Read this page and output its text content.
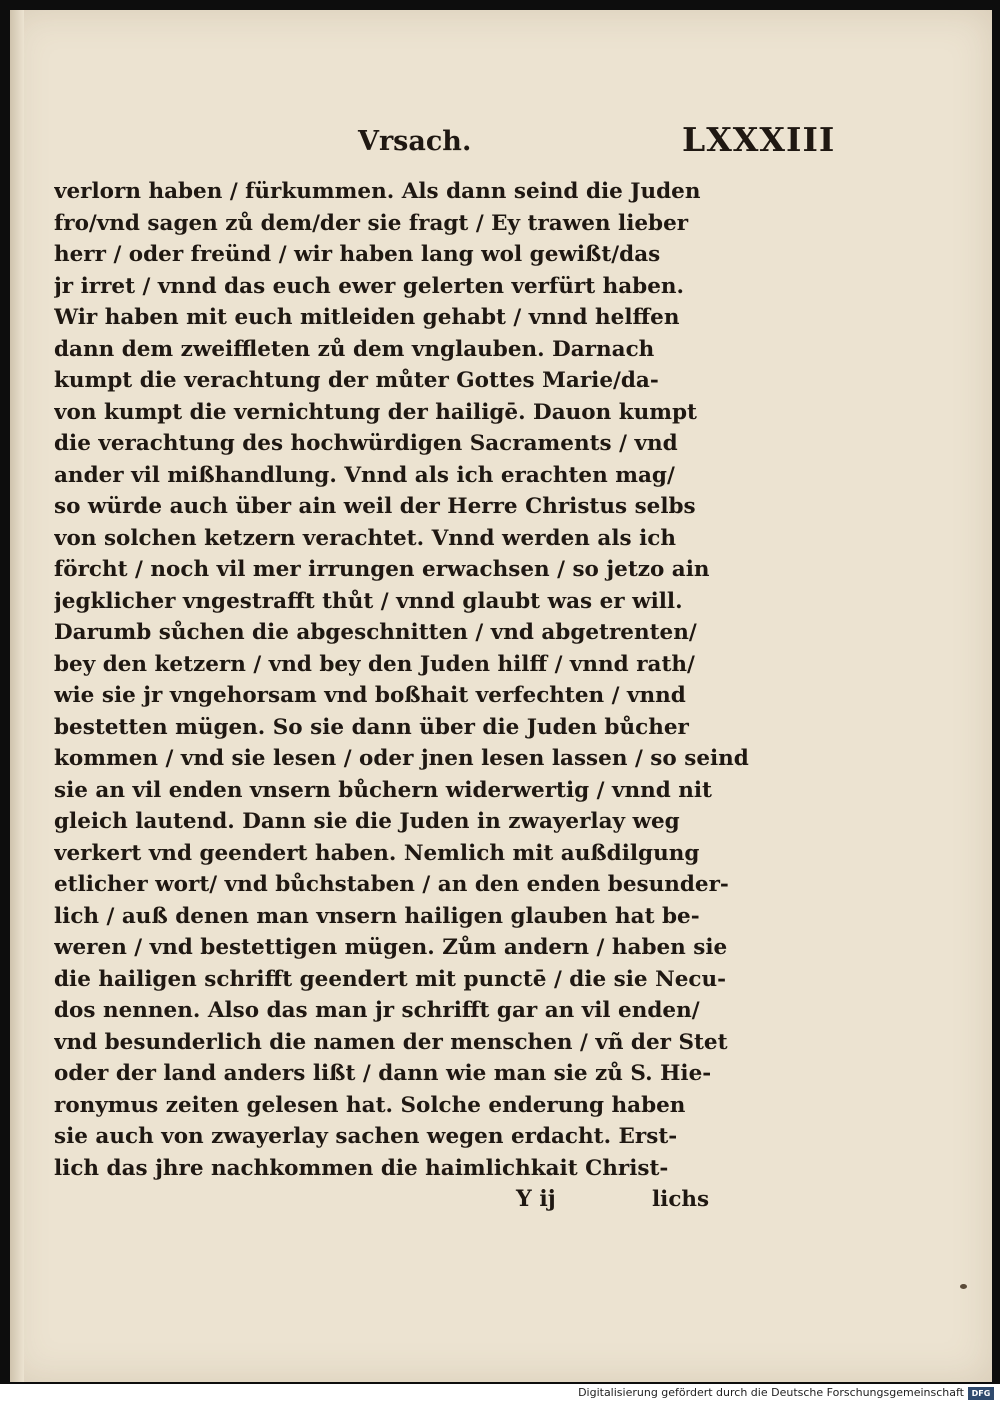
Vrsach.	LXXXIII
verlorn haben / fürkummen. Als dann seind die Juden
fro/vnd sagen zů dem/der sie fragt / Ey trawen lieber
herr / oder freünd / wir haben lang wol gewißt/das
jr irret / vnnd das euch ewer gelerten verfürt haben.
Wir haben mit euch mitleiden gehabt / vnnd helffen
dann dem zweiffleten zů dem vnglauben. Darnach
kumpt die verachtung der můter Gottes Marie/da-
von kumpt die vernichtung der hailigē. Dauon kumpt
die verachtung des hochwürdigen Sacraments / vnd
ander vil mißhandlung. Vnnd als ich erachten mag/
so würde auch über ain weil der Herre Christus selbs
von solchen ketzern verachtet. Vnnd werden als ich
förcht / noch vil mer irrungen erwachsen / so jetzo ain
jegklicher vngestrafft thůt / vnnd glaubt was er will.
Darumb sůchen die abgeschnitten / vnd abgetrenten/
bey den ketzern / vnd bey den Juden hilff / vnnd rath/
wie sie jr vngehorsam vnd boßhait verfechten / vnnd
bestetten mügen. So sie dann über die Juden bůcher
kommen / vnd sie lesen / oder jnen lesen lassen / so seind
sie an vil enden vnsern bůchern widerwertig / vnnd nit
gleich lautend. Dann sie die Juden in zwayerlay weg
verkert vnd geendert haben. Nemlich mit außdilgung
etlicher wort/ vnd bůchstaben / an den enden besunder-
lich / auß denen man vnsern hailigen glauben hat be-
weren / vnd bestettigen mügen. Zům andern / haben sie
die hailigen schrifft geendert mit punctē / die sie Necu-
dos nennen. Also das man jr schrifft gar an vil enden/
vnd besunderlich die namen der menschen / vñ der Stet
oder der land anders lißt / dann wie man sie zů S. Hie-
ronymus zeiten gelesen hat. Solche enderung haben
sie auch von zwayerlay sachen wegen erdacht. Erst-
lich das jhre nachkommen die haimlichkait Christ-
Y ij	lichs
Digitalisierung gefördert durch die Deutsche Forschungsgemeinschaft DFG
